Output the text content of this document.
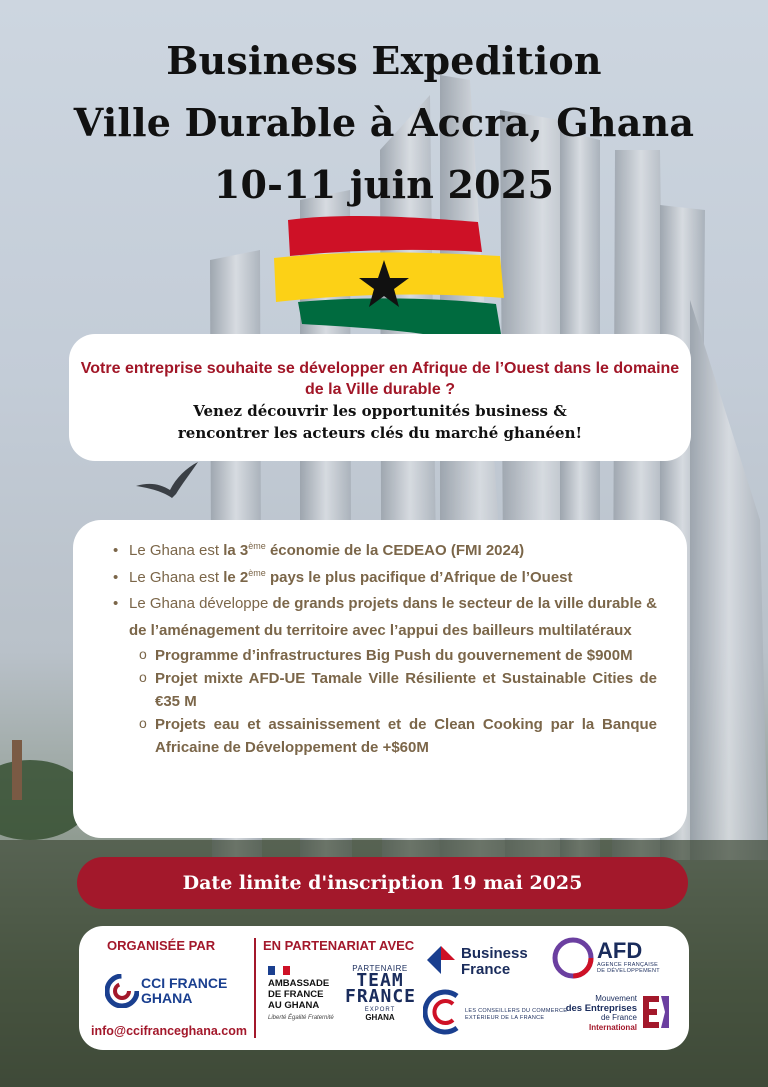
Business Expedition
Ville Durable à Accra, Ghana
10-11 juin 2025
Votre entreprise souhaite se développer en Afrique de l’Ouest dans le domaine de la Ville durable ?
Venez découvrir les opportunités business & rencontrer les acteurs clés du marché ghanéen!
• Le Ghana est la 3ème économie de la CEDEAO (FMI 2024)
• Le Ghana est le 2ème pays le plus pacifique d’Afrique de l’Ouest
• Le Ghana développe de grands projets dans le secteur de la ville durable & de l’aménagement du territoire avec l’appui des bailleurs multilatéraux
o Programme d’infrastructures Big Push du gouvernement de $900M
o Projet mixte AFD-UE Tamale Ville Résiliente et Sustainable Cities de €35 M
o Projets eau et assainissement et de Clean Cooking par la Banque Africaine de Développement de +$60M
Date limite d'inscription 19 mai 2025
ORGANISÉE PAR	EN PARTENARIAT AVEC
CCI FRANCE
GHANA
info@ccifranceghana.com
AMBASSADE
DE FRANCE
AU GHANA
Liberté Égalité Fraternité
PARTENAIRE
TEAM
FRANCE
EXPORT
GHANA
Business
France
AFD
AGENCE FRANÇAISE
DE DÉVELOPPEMENT
LES CONSEILLERS DU COMMERCE
EXTÉRIEUR DE LA FRANCE
Mouvement
des Entreprises
de France
International
